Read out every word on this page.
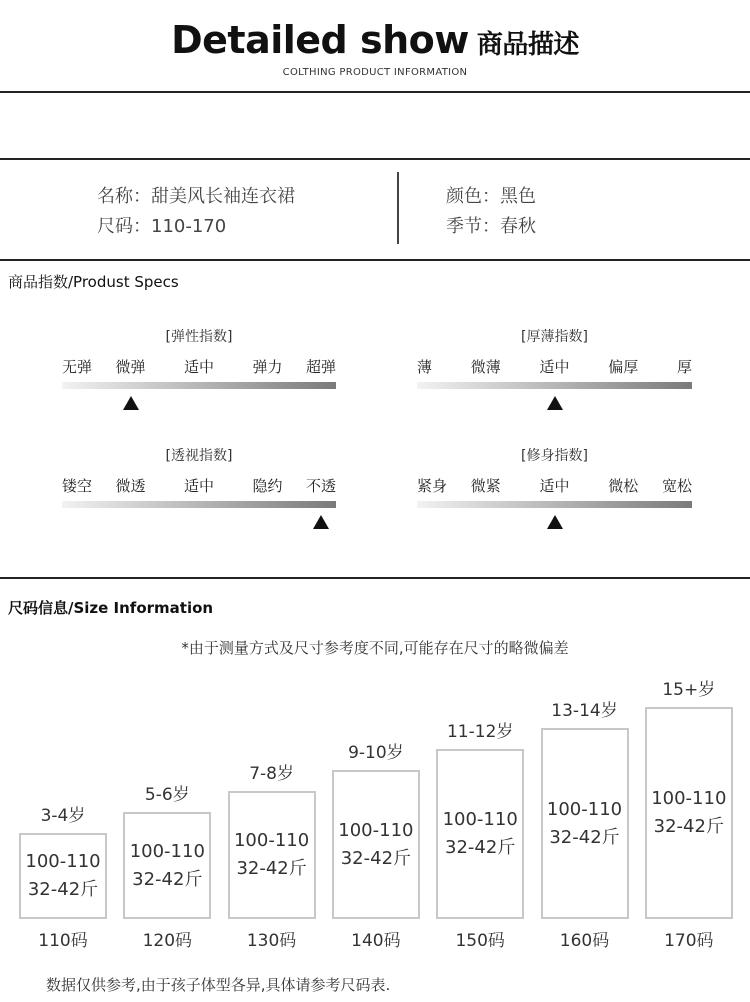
Detailed show 商品描述
COLTHING PRODUCT INFORMATION
名称：甜美风长袖连衣裙
尺码：110-170
颜色：黑色
季节：春秋
商品指数/Produst Specs
[弹性指数]
无弹 微弹	适中	弹力 超弹
[厚薄指数]
薄	微薄	适中	偏厚	厚
[透视指数]
镂空 微透	适中	隐约 不透
[修身指数]
紧身 微紧	适中	微松 宽松
尺码信息/Size Information
*由于测量方式及尺寸参考度不同,可能存在尺寸的略微偏差
3-4岁
100-110
32-42斤
110码
5-6岁
100-110
32-42斤
120码
7-8岁
100-110
32-42斤
130码
9-10岁
100-110
32-42斤
140码
11-12岁
100-110
32-42斤
150码
13-14岁
100-110
32-42斤
160码
15+岁
100-110
32-42斤
170码
数据仅供参考,由于孩子体型各异,具体请参考尺码表.
